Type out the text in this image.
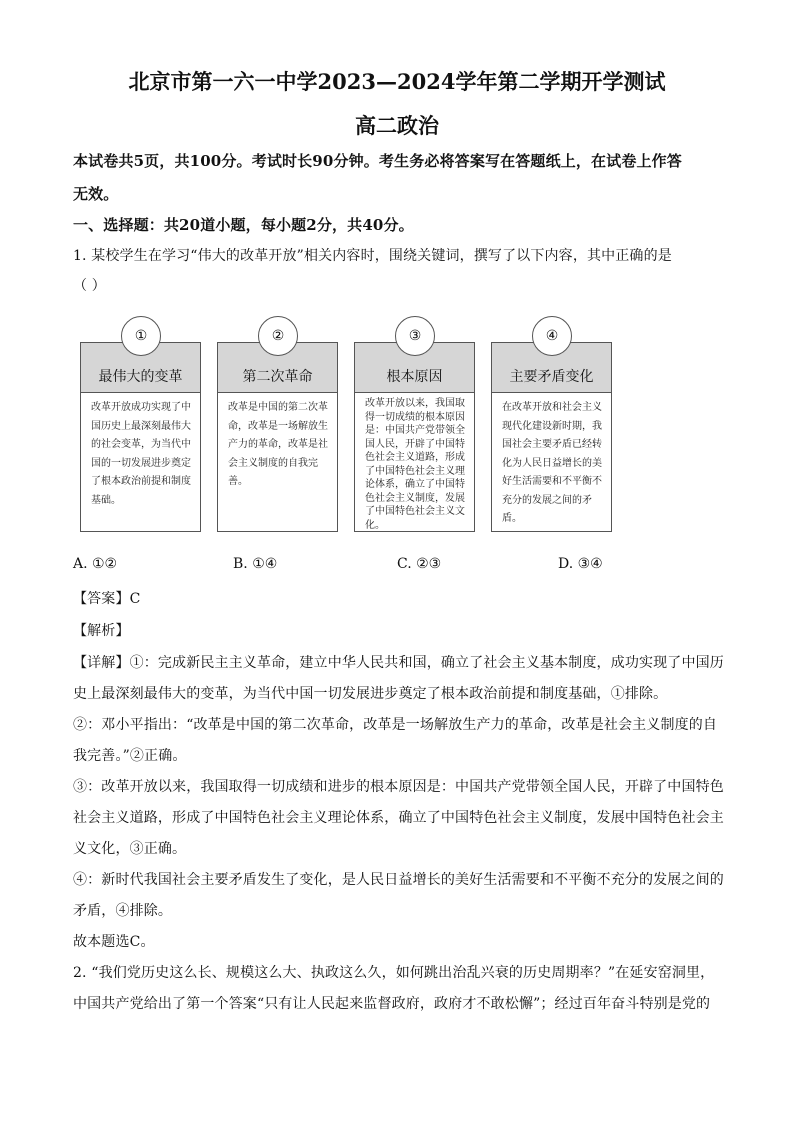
北京市第一六一中学2023—2024学年第二学期开学测试
高二政治
本试卷共5页，共100分。考试时长90分钟。考生务必将答案写在答题纸上，在试卷上作答
无效。
一、选择题：共20道小题，每小题2分，共40分。
1. 某校学生在学习“伟大的改革开放”相关内容时，围绕关键词，撰写了以下内容，其中正确的是
（ ）
①
最伟大的变革
改革开放成功实现了中国历史上最深刻最伟大的社会变革，为当代中国的一切发展进步奠定了根本政治前提和制度基础。
②
第二次革命
改革是中国的第二次革命，改革是一场解放生产力的革命，改革是社会主义制度的自我完善。
③
根本原因
改革开放以来，我国取得一切成绩的根本原因是：中国共产党带领全国人民，开辟了中国特色社会主义道路，形成了中国特色社会主义理论体系，确立了中国特色社会主义制度，发展了中国特色社会主义文化。
④
主要矛盾变化
在改革开放和社会主义现代化建设新时期，我国社会主要矛盾已经转化为人民日益增长的美好生活需要和不平衡不充分的发展之间的矛盾。
A. ①②	B. ①④	C. ②③	D. ③④
【答案】C
【解析】
【详解】①：完成新民主主义革命，建立中华人民共和国，确立了社会主义基本制度，成功实现了中国历
史上最深刻最伟大的变革，为当代中国一切发展进步奠定了根本政治前提和制度基础，①排除。
②：邓小平指出：“改革是中国的第二次革命，改革是一场解放生产力的革命，改革是社会主义制度的自
我完善。”②正确。
③：改革开放以来，我国取得一切成绩和进步的根本原因是：中国共产党带领全国人民，开辟了中国特色
社会主义道路，形成了中国特色社会主义理论体系，确立了中国特色社会主义制度，发展中国特色社会主
义文化，③正确。
④：新时代我国社会主要矛盾发生了变化，是人民日益增长的美好生活需要和不平衡不充分的发展之间的
矛盾，④排除。
故本题选C。
2. “我们党历史这么长、规模这么大、执政这么久，如何跳出治乱兴衰的历史周期率？”在延安窑洞里，
中国共产党给出了第一个答案“只有让人民起来监督政府，政府才不敢松懈”；经过百年奋斗特别是党的
